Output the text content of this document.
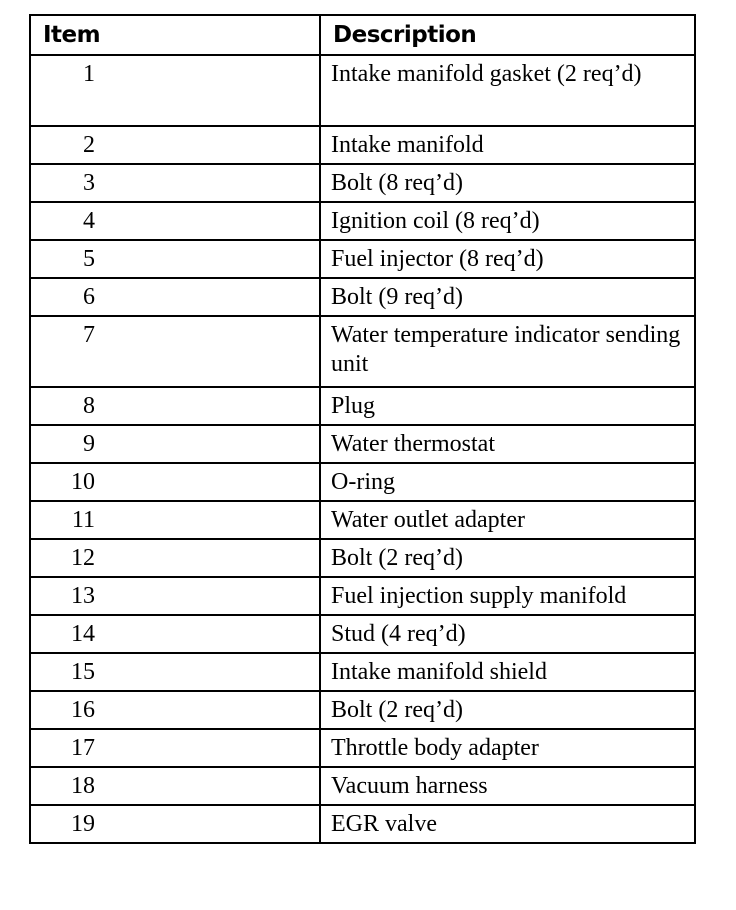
Item	Description
1	Intake manifold gasket (2 req’d)
2	Intake manifold
3	Bolt (8 req’d)
4	Ignition coil (8 req’d)
5	Fuel injector (8 req’d)
6	Bolt (9 req’d)
7	Water temperature indicator sending unit
8	Plug
9	Water thermostat
10	O-ring
11	Water outlet adapter
12	Bolt (2 req’d)
13	Fuel injection supply manifold
14	Stud (4 req’d)
15	Intake manifold shield
16	Bolt (2 req’d)
17	Throttle body adapter
18	Vacuum harness
19	EGR valve
